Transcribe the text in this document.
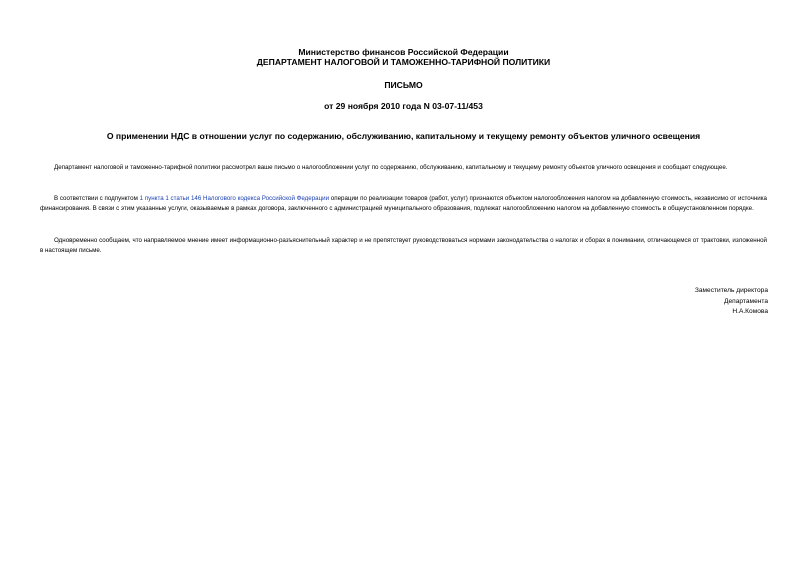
Министерство финансов Российской Федерации
ДЕПАРТАМЕНТ НАЛОГОВОЙ И ТАМОЖЕННО-ТАРИФНОЙ ПОЛИТИКИ
ПИСЬМО
от 29 ноября 2010 года N 03-07-11/453
О применении НДС в отношении услуг по содержанию, обслуживанию, капитальному и текущему ремонту объектов уличного освещения

Департамент налоговой и таможенно-тарифной политики рассмотрел ваше письмо о налогообложении услуг по содержанию, обслуживанию, капитальному и текущему ремонту объектов уличного освещения и сообщает следующее.

В соответствии с подпунктом 1 пункта 1 статьи 146 Налогового кодекса Российской Федерации операции по реализации товаров (работ, услуг) признаются объектом налогообложения налогом на добавленную стоимость, независимо от источника финансирования. В связи с этим указанные услуги, оказываемые в рамках договора, заключенного с администрацией муниципального образования, подлежат налогообложению налогом на добавленную стоимость в общеустановленном порядке.

Одновременно сообщаем, что направляемое мнение имеет информационно-разъяснительный характер и не препятствует руководствоваться нормами законодательства о налогах и сборах в понимании, отличающемся от трактовки, изложенной в настоящем письме.

Заместитель директора
Департамента
Н.А.Комова
